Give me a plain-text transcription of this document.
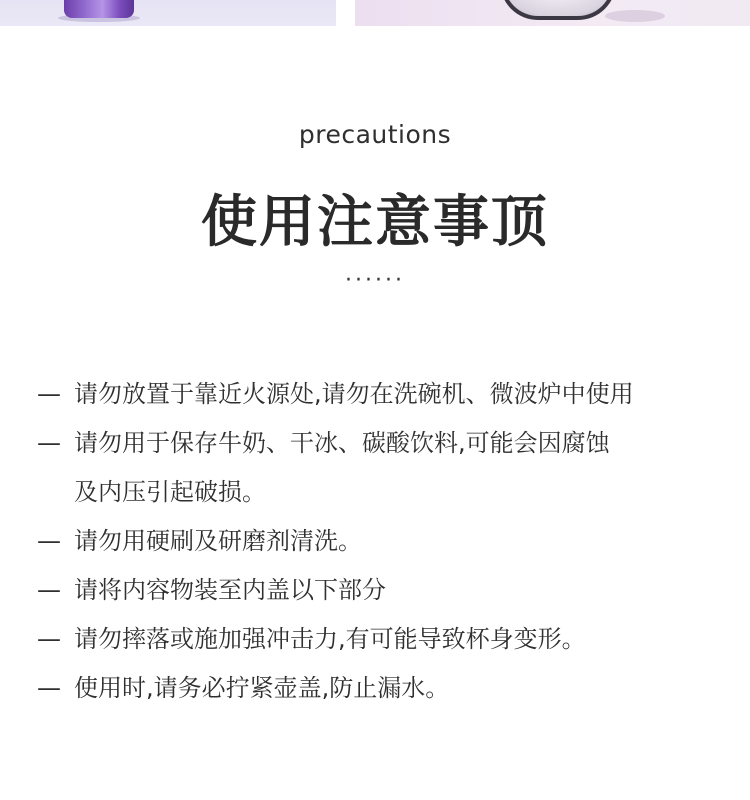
precautions
使用注意事顶
······
— 请勿放置于靠近火源处,请勿在洗碗机、微波炉中使用
— 请勿用于保存牛奶、干冰、碳酸饮料,可能会因腐蚀
及内压引起破损。
— 请勿用硬刷及研磨剂清洗。
— 请将内容物装至内盖以下部分
— 请勿摔落或施加强冲击力,有可能导致杯身变形。
— 使用时,请务必拧紧壶盖,防止漏水。
